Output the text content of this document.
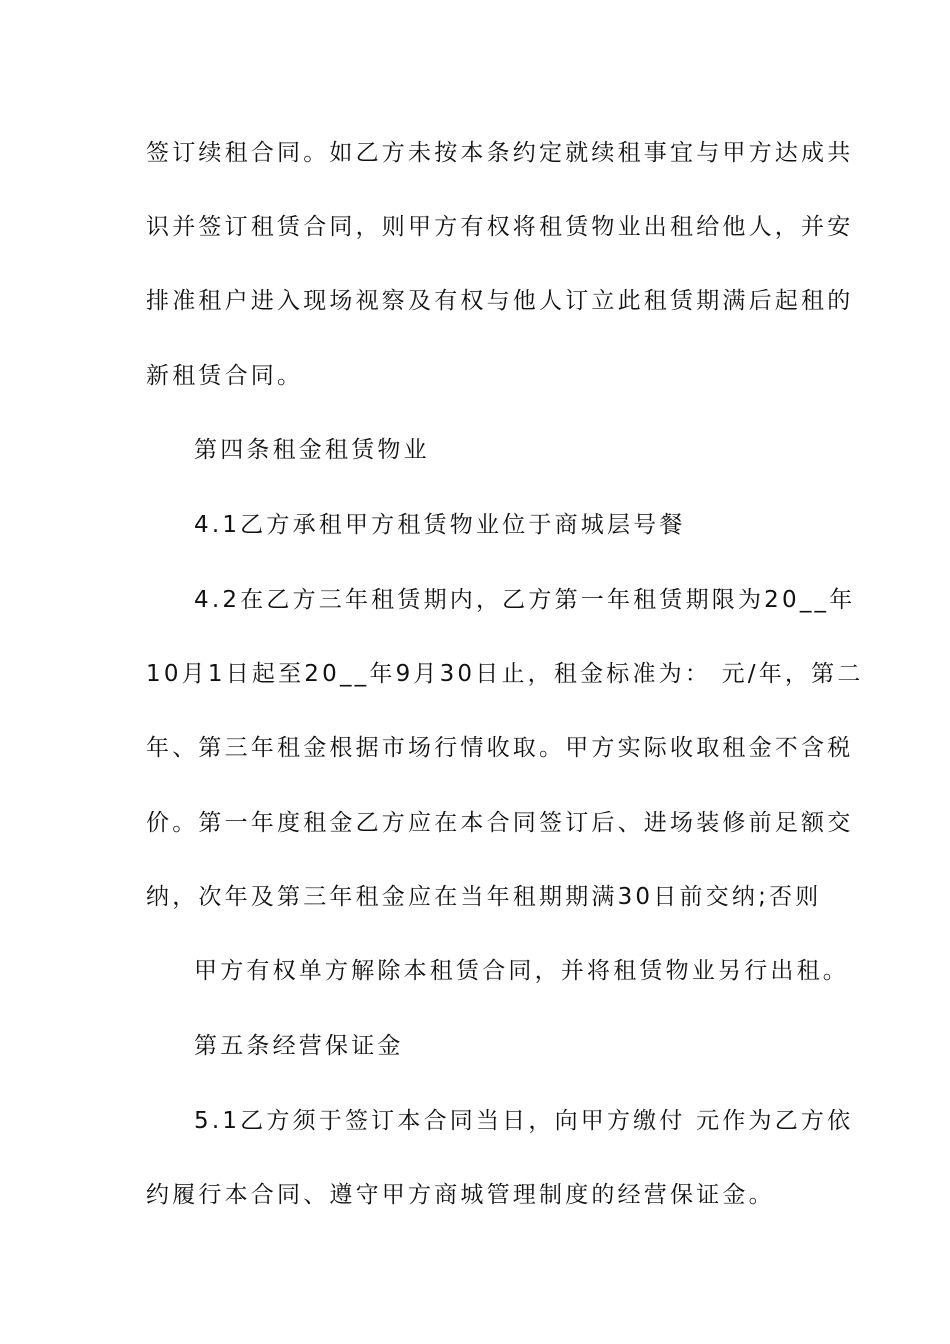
签订续租合同。如乙方未按本条约定就续租事宜与甲方达成共
识并签订租赁合同，则甲方有权将租赁物业出租给他人，并安
排准租户进入现场视察及有权与他人订立此租赁期满后起租的
新租赁合同。
第四条租金租赁物业
4.1乙方承租甲方租赁物业位于商城层号餐
4.2在乙方三年租赁期内，乙方第一年租赁期限为20__年
10月1日起至20__年9月30日止，租金标准为： 元/年，第二
年、第三年租金根据市场行情收取。甲方实际收取租金不含税
价。第一年度租金乙方应在本合同签订后、进场装修前足额交
纳，次年及第三年租金应在当年租期期满30日前交纳;否则
甲方有权单方解除本租赁合同，并将租赁物业另行出租。
第五条经营保证金
5.1乙方须于签订本合同当日，向甲方缴付 元作为乙方依
约履行本合同、遵守甲方商城管理制度的经营保证金。
